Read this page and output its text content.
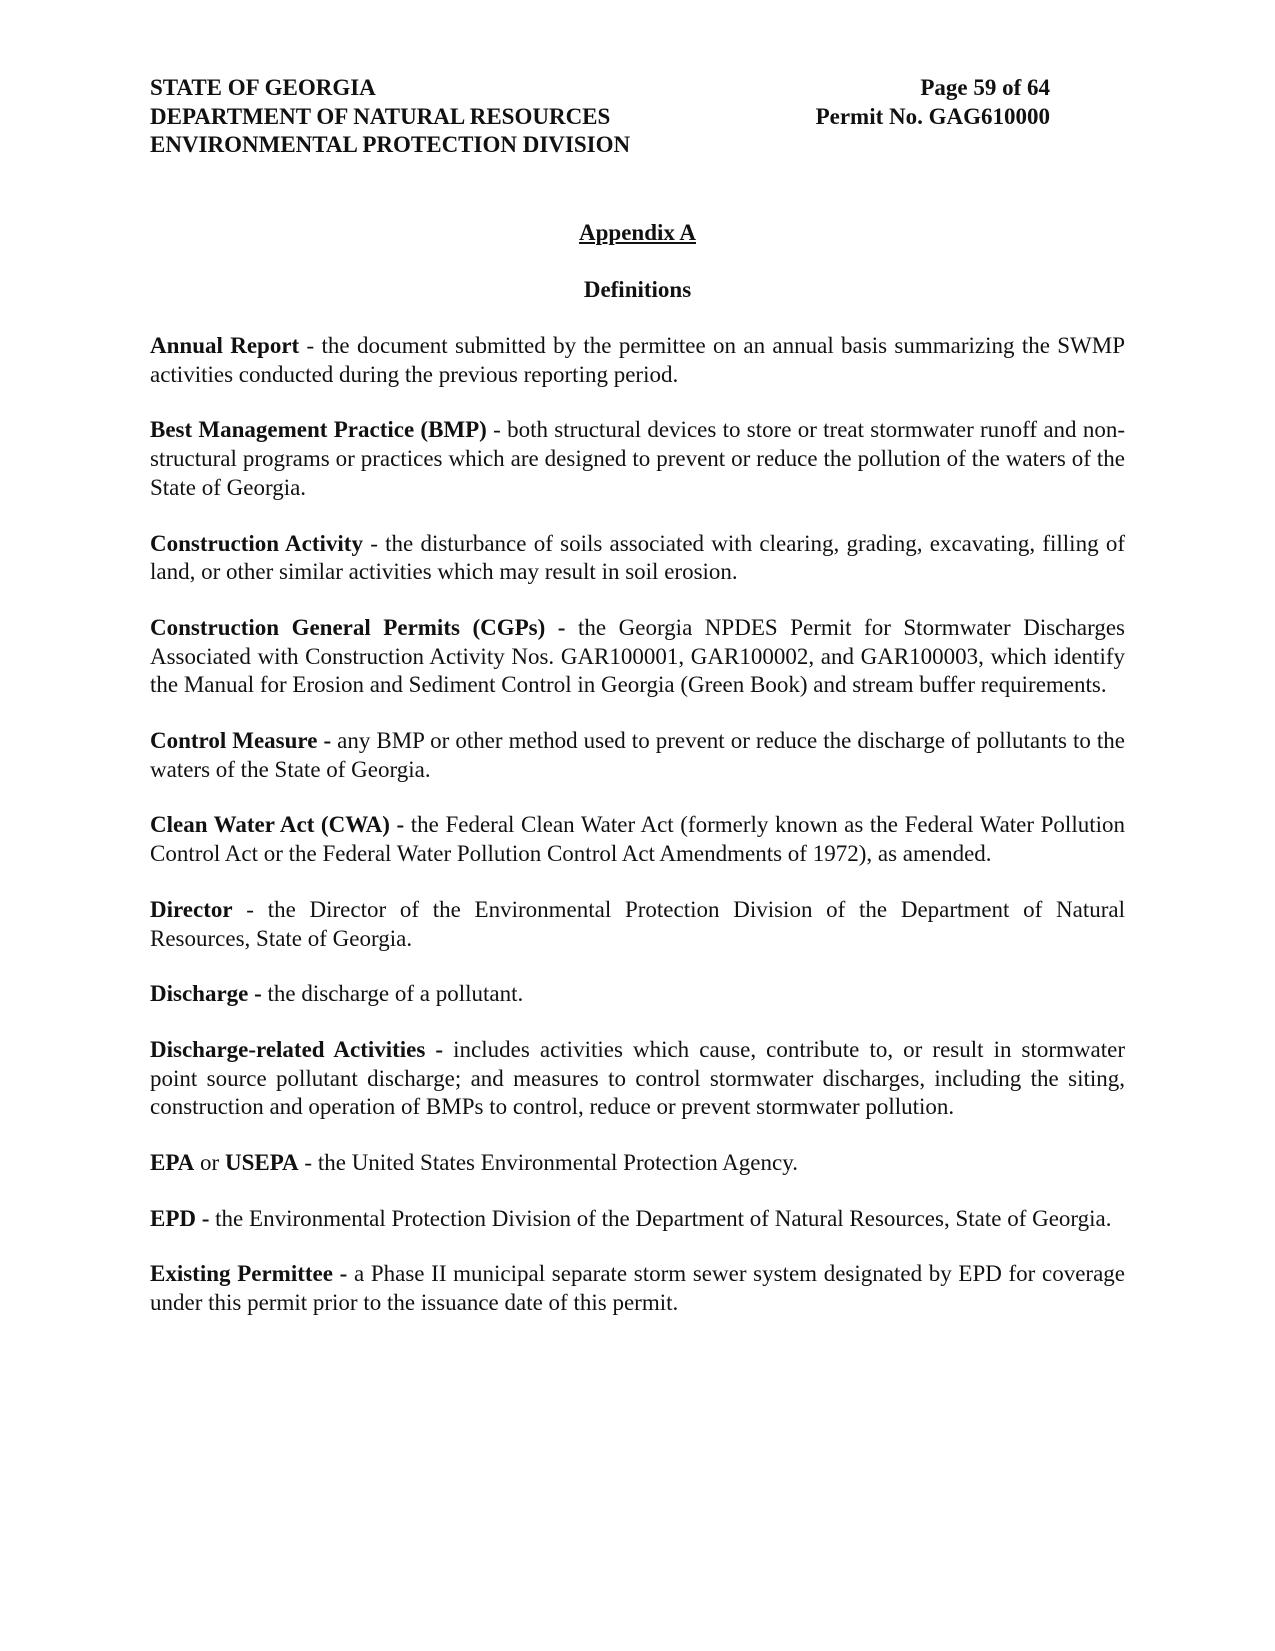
STATE OF GEORGIA
DEPARTMENT OF NATURAL RESOURCES
ENVIRONMENTAL PROTECTION DIVISION
Page 59 of 64
Permit No. GAG610000
Appendix A
Definitions

Annual Report - the document submitted by the permittee on an annual basis summarizing the SWMP activities conducted during the previous reporting period.

Best Management Practice (BMP) - both structural devices to store or treat stormwater runoff and non-structural programs or practices which are designed to prevent or reduce the pollution of the waters of the State of Georgia.

Construction Activity - the disturbance of soils associated with clearing, grading, excavating, filling of land, or other similar activities which may result in soil erosion.

Construction General Permits (CGPs) - the Georgia NPDES Permit for Stormwater Discharges Associated with Construction Activity Nos. GAR100001, GAR100002, and GAR100003, which identify the Manual for Erosion and Sediment Control in Georgia (Green Book) and stream buffer requirements.

Control Measure - any BMP or other method used to prevent or reduce the discharge of pollutants to the waters of the State of Georgia.

Clean Water Act (CWA) - the Federal Clean Water Act (formerly known as the Federal Water Pollution Control Act or the Federal Water Pollution Control Act Amendments of 1972), as amended.

Director - the Director of the Environmental Protection Division of the Department of Natural Resources, State of Georgia.

Discharge - the discharge of a pollutant.

Discharge-related Activities - includes activities which cause, contribute to, or result in stormwater point source pollutant discharge; and measures to control stormwater discharges, including the siting, construction and operation of BMPs to control, reduce or prevent stormwater pollution.

EPA or USEPA - the United States Environmental Protection Agency.

EPD - the Environmental Protection Division of the Department of Natural Resources, State of Georgia.

Existing Permittee - a Phase II municipal separate storm sewer system designated by EPD for coverage under this permit prior to the issuance date of this permit.
